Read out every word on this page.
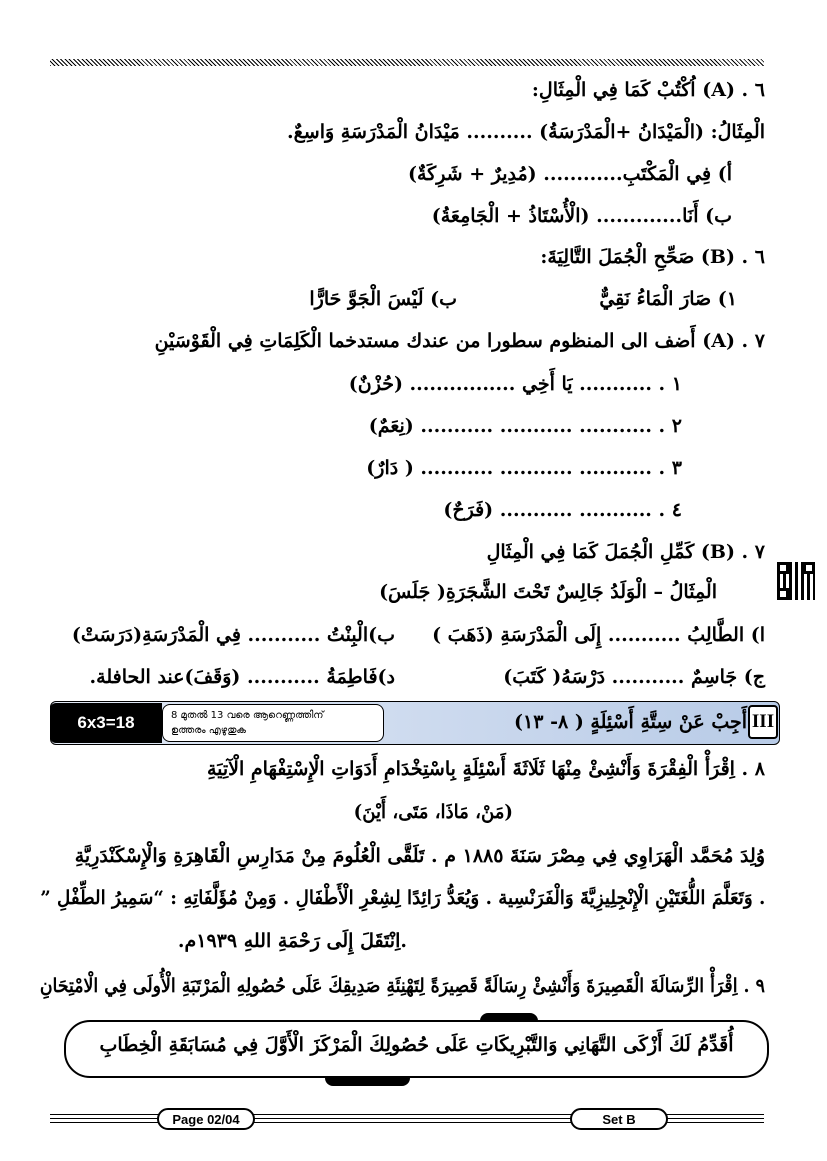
٦ . (A) اُكْتُبْ كَمَا فِي الْمِثَالِ:
الْمِثَالُ: (الْمَيْدَانُ +الْمَدْرَسَةُ) .......... مَيْدَانُ الْمَدْرَسَةِ وَاسِعٌ.
أ) فِي الْمَكْتَبِ............ (مُدِيرٌ + شَرِكَةٌ)
ب) أَنَا............. (الْأُسْتَاذُ + الْجَامِعَةُ)
٦ . (B) صَحِّحِ الْجُمَلَ التَّالِيَةَ:
١) صَارَ الْمَاءُ نَقِيٌّ
ب) لَيْسَ الْجَوَّ حَارًّا
٧ . (A) أَضف الى المنظوم سطورا من عندك مستدخما الْكَلِمَاتِ فِي الْقَوْسَيْنِ
١ . ........... يَا أَخِي ................ (حُزْنٌ)
٢ . ........... ........... ........... (نِعَمٌ)
٣ . ........... ........... ........... ( دَارٌ)
٤ . ........... ........... (فَرَحٌ)
٧ . (B) كَمِّلِ الْجُمَلَ كَمَا فِي الْمِثَالِ
الْمِثَالُ – الْوَلَدُ جَالِسٌ تَحْتَ الشَّجَرَةِ( جَلَسَ)
ا) الطَّالِبُ ........... إِلَى الْمَدْرَسَةِ (ذَهَبَ )
ب)الْبِنْتُ ........... فِي الْمَدْرَسَةِ(دَرَسَتْ)
ج) جَاسِمٌ ........... دَرْسَهُ( كَتَبَ)
د)فَاطِمَةُ ........... (وَقَفَ)عند الحافلة.
6x3=18	8 മുതൽ 13 വരെ ആറെണ്ണത്തിന്
ഉത്തരം എഴുതുക	أَجِبْ عَنْ سِتَّةِ أَسْئِلَةٍ ( ٨- ١٣) III
٨ . اِقْرَأْ الْفِقْرَةَ وَأَنْشِئْ مِنْهَا ثَلَاثَةَ أَسْئِلَةٍ بِاسْتِخْدَامِ أَدَوَاتِ الْإِسْتِفْهَامِ الْآتِيَةِ
(مَنْ، مَاذَا، مَتَى، أَيْنَ)
وُلِدَ مُحَمَّد الْهَرَاوِي فِي مِصْرَ سَنَةَ ١٨٨٥ م . تَلَقَّى الْعُلُومَ مِنْ مَدَارِسِ الْقَاهِرَةِ وَالْإِسْكَنْدَرِيَّةِ
. وَتَعَلَّمَ اللُّغَتَيْنِ الْإِنْجِلِيزِيَّةَ وَالْفَرَنْسِية . وَيُعَدُّ رَائِدًا لِشِعْرِ الْأَطْفَالِ . وَمِنْ مُؤَلَّفَاتِهِ : “سَمِيرُ الطِّفْلِ ”
.اِنْتَقَلَ إِلَى رَحْمَةِ اللهِ ١٩٣٩م.
٩ . اِقْرَأْ الرِّسَالَةَ الْقَصِيرَةَ وَأَنْشِئْ رِسَالَةً قَصِيرَةً لِتَهْنِئَةِ صَدِيقِكَ عَلَى حُصُولِهِ الْمَرْتَبَةِ الْأُولَى فِي الْامْتِحَانِ
أُقَدِّمُ لَكَ أَزْكَى التَّهَانِي وَالتَّبْرِيكَاتِ عَلَى حُصُولِكَ الْمَرْكَزَ الْأَوَّلَ فِي مُسَابَقَةِ الْخِطَابِ
Page 02/04	Set B
